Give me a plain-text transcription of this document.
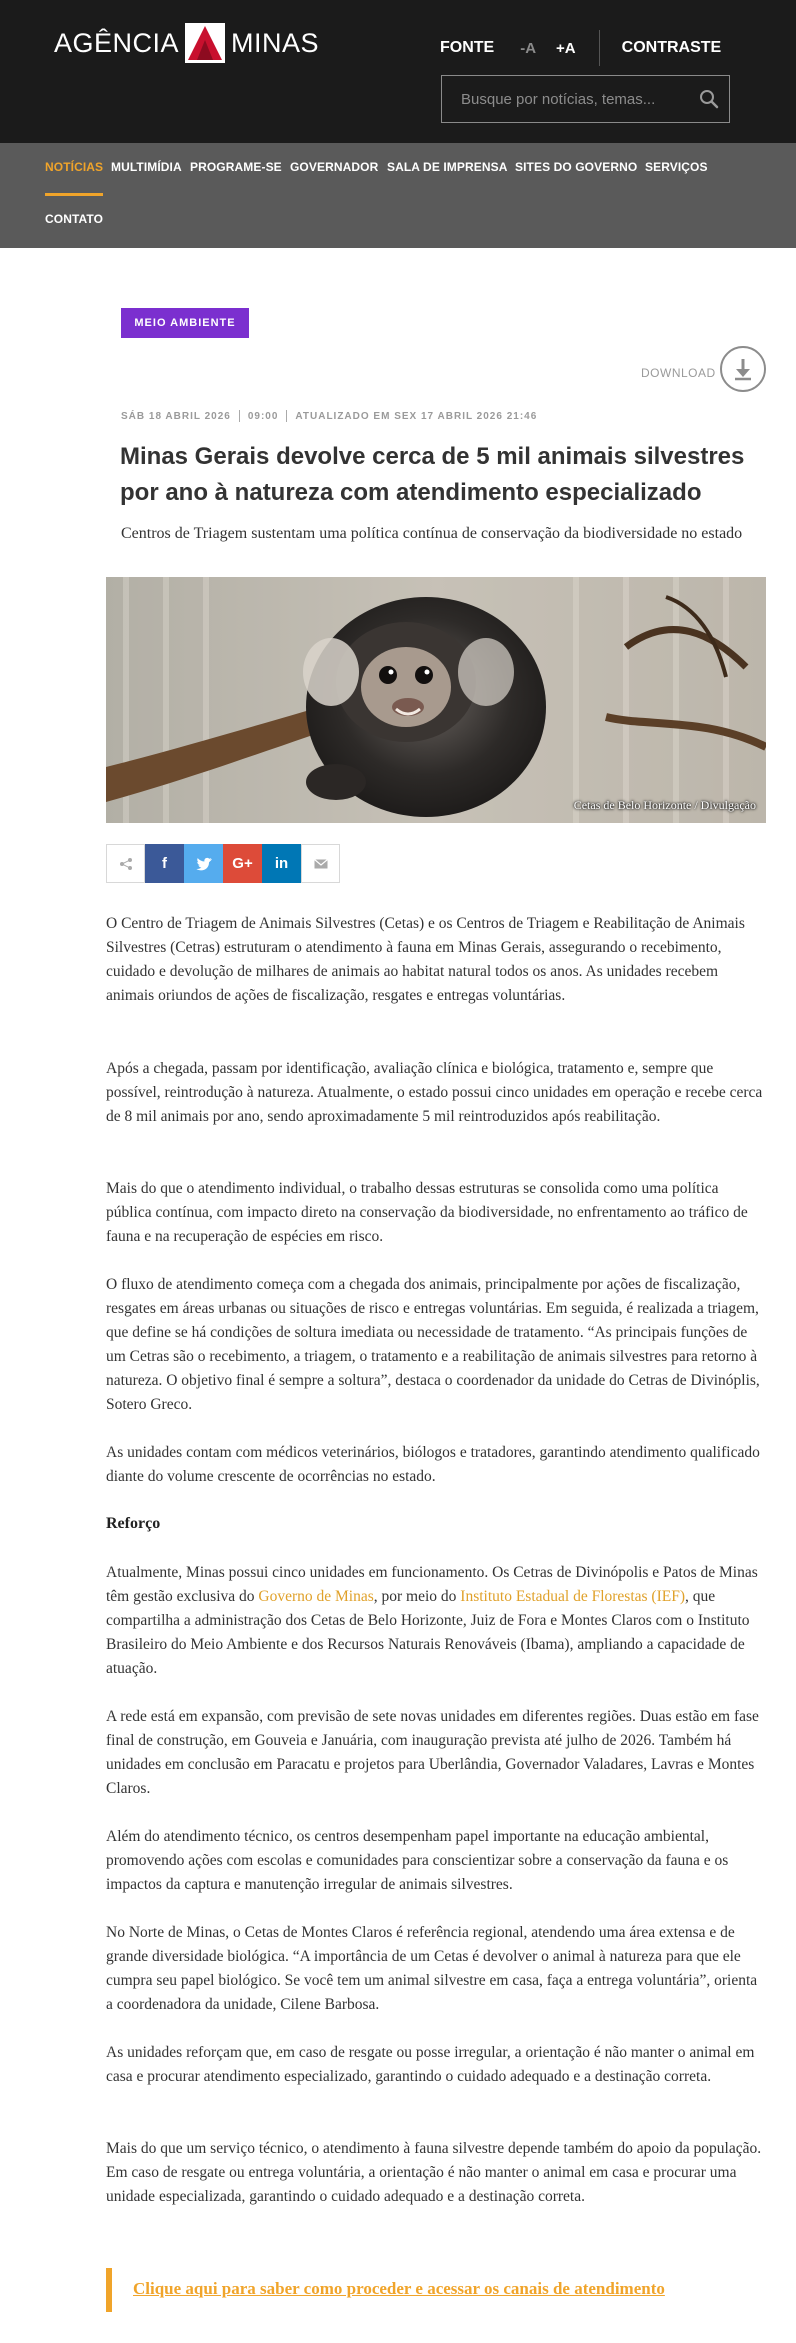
AGÊNCIA MINAS	FONTE -A +A	CONTRASTE
Busque por notícias, temas...
NOTÍCIAS MULTIMÍDIA PROGRAME-SE GOVERNADOR SALA DE IMPRENSA SITES DO GOVERNO SERVIÇOS
CONTATO
MEIO AMBIENTE
DOWNLOAD
SÁB 18 ABRIL 2026 09:00 ATUALIZADO EM SEX 17 ABRIL 2026 21:46
Minas Gerais devolve cerca de 5 mil animais silvestres por ano à natureza com atendimento especializado
Centros de Triagem sustentam uma política contínua de conservação da biodiversidade no estado
Cetas de Belo Horizonte / Divulgação
f	G+	in
O Centro de Triagem de Animais Silvestres (Cetas) e os Centros de Triagem e Reabilitação de Animais Silvestres (Cetras) estruturam o atendimento à fauna em Minas Gerais, assegurando o recebimento, cuidado e devolução de milhares de animais ao habitat natural todos os anos. As unidades recebem animais oriundos de ações de fiscalização, resgates e entregas voluntárias.
Após a chegada, passam por identificação, avaliação clínica e biológica, tratamento e, sempre que possível, reintrodução à natureza. Atualmente, o estado possui cinco unidades em operação e recebe cerca de 8 mil animais por ano, sendo aproximadamente 5 mil reintroduzidos após reabilitação.
Mais do que o atendimento individual, o trabalho dessas estruturas se consolida como uma política pública contínua, com impacto direto na conservação da biodiversidade, no enfrentamento ao tráfico de fauna e na recuperação de espécies em risco.
O fluxo de atendimento começa com a chegada dos animais, principalmente por ações de fiscalização, resgates em áreas urbanas ou situações de risco e entregas voluntárias. Em seguida, é realizada a triagem, que define se há condições de soltura imediata ou necessidade de tratamento. “As principais funções de um Cetras são o recebimento, a triagem, o tratamento e a reabilitação de animais silvestres para retorno à natureza. O objetivo final é sempre a soltura”, destaca o coordenador da unidade do Cetras de Divinóplis, Sotero Greco.
As unidades contam com médicos veterinários, biólogos e tratadores, garantindo atendimento qualificado diante do volume crescente de ocorrências no estado.
Reforço
Atualmente, Minas possui cinco unidades em funcionamento. Os Cetras de Divinópolis e Patos de Minas têm gestão exclusiva do Governo de Minas, por meio do Instituto Estadual de Florestas (IEF), que compartilha a administração dos Cetas de Belo Horizonte, Juiz de Fora e Montes Claros com o Instituto Brasileiro do Meio Ambiente e dos Recursos Naturais Renováveis (Ibama), ampliando a capacidade de atuação.
A rede está em expansão, com previsão de sete novas unidades em diferentes regiões. Duas estão em fase final de construção, em Gouveia e Januária, com inauguração prevista até julho de 2026. Também há unidades em conclusão em Paracatu e projetos para Uberlândia, Governador Valadares, Lavras e Montes Claros.
Além do atendimento técnico, os centros desempenham papel importante na educação ambiental, promovendo ações com escolas e comunidades para conscientizar sobre a conservação da fauna e os impactos da captura e manutenção irregular de animais silvestres.
No Norte de Minas, o Cetas de Montes Claros é referência regional, atendendo uma área extensa e de grande diversidade biológica. “A importância de um Cetas é devolver o animal à natureza para que ele cumpra seu papel biológico. Se você tem um animal silvestre em casa, faça a entrega voluntária”, orienta a coordenadora da unidade, Cilene Barbosa.
As unidades reforçam que, em caso de resgate ou posse irregular, a orientação é não manter o animal em casa e procurar atendimento especializado, garantindo o cuidado adequado e a destinação correta.
Mais do que um serviço técnico, o atendimento à fauna silvestre depende também do apoio da população. Em caso de resgate ou entrega voluntária, a orientação é não manter o animal em casa e procurar uma unidade especializada, garantindo o cuidado adequado e a destinação correta.
Clique aqui para saber como proceder e acessar os canais de atendimento
